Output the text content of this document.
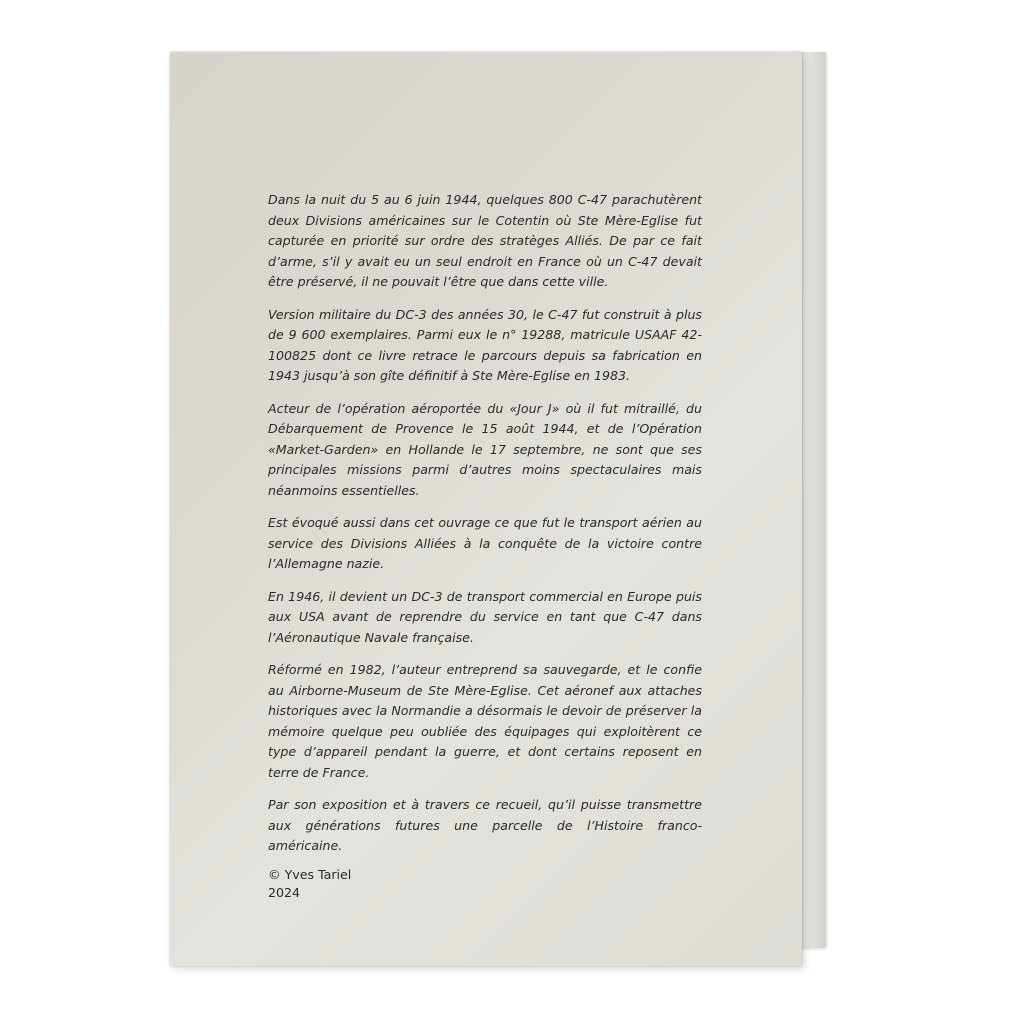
Dans la nuit du 5 au 6 juin 1944, quelques 800 C-47 parachutèrent deux Divisions américaines sur le Cotentin où Ste Mère-Eglise fut capturée en priorité sur ordre des stratèges Alliés. De par ce fait d’arme, s’il y avait eu un seul endroit en France où un C-47 devait être préservé, il ne pouvait l’être que dans cette ville.

Version militaire du DC-3 des années 30, le C-47 fut construit à plus de 9 600 exemplaires. Parmi eux le n° 19288, matricule USAAF 42-100825 dont ce livre retrace le parcours depuis sa fabrication en 1943 jusqu’à son gîte définitif à Ste Mère-Eglise en 1983.

Acteur de l’opération aéroportée du «Jour J» où il fut mitraillé, du Débarquement de Provence le 15 août 1944, et de l’Opération «Market-Garden» en Hollande le 17 septembre, ne sont que ses principales missions parmi d’autres moins spectaculaires mais néanmoins essentielles.

Est évoqué aussi dans cet ouvrage ce que fut le transport aérien au service des Divisions Alliées à la conquête de la victoire contre l’Allemagne nazie.

En 1946, il devient un DC-3 de transport commercial en Europe puis aux USA avant de reprendre du service en tant que C-47 dans l’Aéronautique Navale française.

Réformé en 1982, l’auteur entreprend sa sauvegarde, et le confie au Airborne-Museum de Ste Mère-Eglise. Cet aéronef aux attaches historiques avec la Normandie a désormais le devoir de préserver la mémoire quelque peu oubliée des équipages qui exploitèrent ce type d’appareil pendant la guerre, et dont certains reposent en terre de France.

Par son exposition et à travers ce recueil, qu’il puisse transmettre aux générations futures une parcelle de l’Histoire franco-américaine.

© Yves Tariel
2024
